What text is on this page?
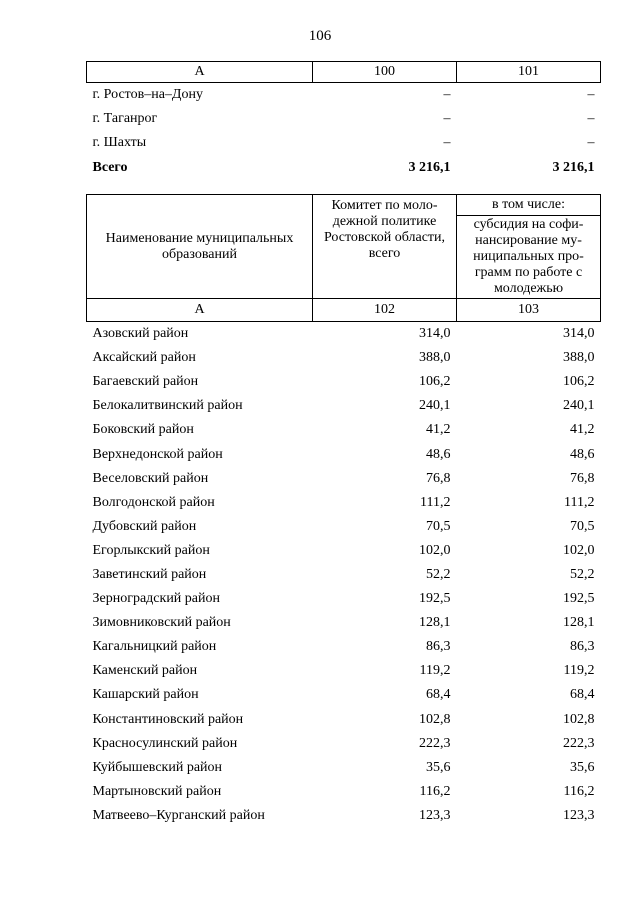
106
А	100	101
г. Ростов–на–Дону	–	–
г. Таганрог	–	–
г. Шахты	–	–
Всего	3 216,1	3 216,1
Наименование муниципальных образований	Комитет по моло-дежной политике Ростовской области, всего	в том числе:
		субсидия на софи-нансирование му-ниципальных про-грамм по работе с молодежью
А	102	103
Азовский район	314,0	314,0
Аксайский район	388,0	388,0
Багаевский район	106,2	106,2
Белокалитвинский район	240,1	240,1
Боковский район	41,2	41,2
Верхнедонской район	48,6	48,6
Веселовский район	76,8	76,8
Волгодонской район	111,2	111,2
Дубовский район	70,5	70,5
Егорлыкский район	102,0	102,0
Заветинский район	52,2	52,2
Зерноградский район	192,5	192,5
Зимовниковский район	128,1	128,1
Кагальницкий район	86,3	86,3
Каменский район	119,2	119,2
Кашарский район	68,4	68,4
Константиновский район	102,8	102,8
Красносулинский район	222,3	222,3
Куйбышевский район	35,6	35,6
Мартыновский район	116,2	116,2
Матвеево–Курганский район	123,3	123,3
